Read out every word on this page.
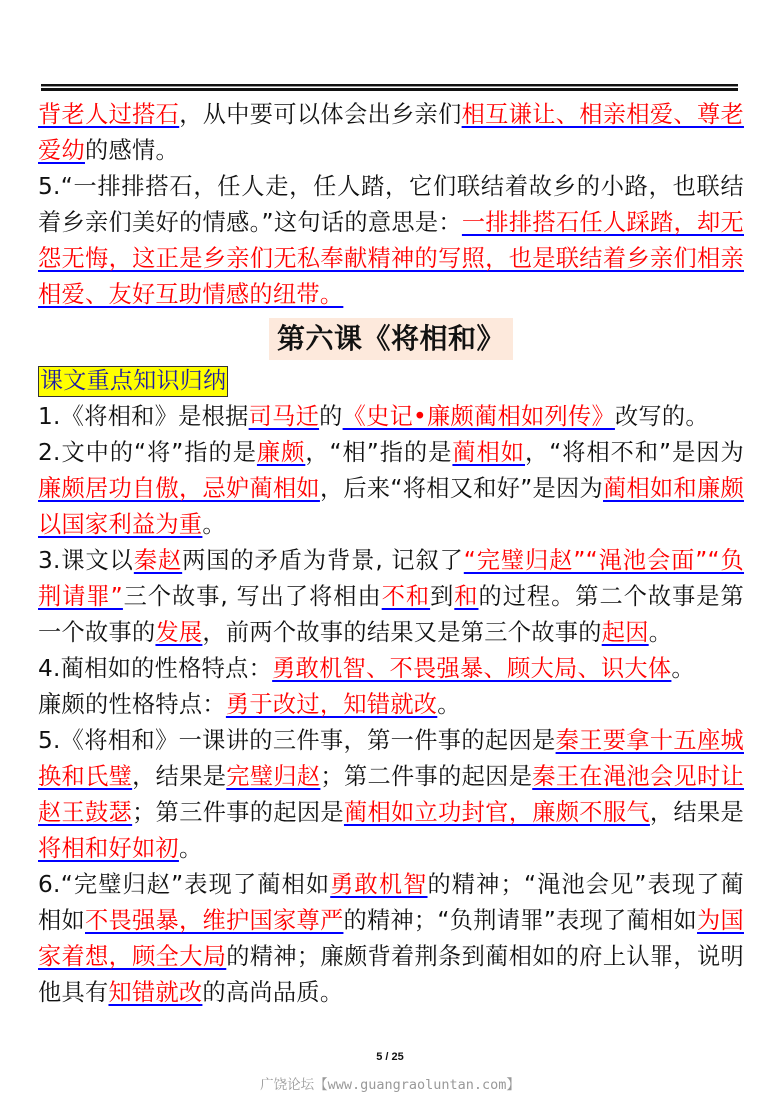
背老人过搭石，从中要可以体会出乡亲们相互谦让、相亲相爱、尊老爱幼的感情。

5.“一排排搭石，任人走，任人踏，它们联结着故乡的小路，也联结着乡亲们美好的情感。”这句话的意思是：一排排搭石任人踩踏，却无怨无悔，这正是乡亲们无私奉献精神的写照，也是联结着乡亲们相亲相爱、友好互助情感的纽带。

第六课《将相和》
课文重点知识归纳

1.《将相和》是根据司马迁的《史记•廉颇蔺相如列传》改写的。

2.文中的“将”指的是廉颇，“相”指的是蔺相如，“将相不和”是因为廉颇居功自傲，忌妒蔺相如，后来“将相又和好”是因为蔺相如和廉颇以国家利益为重。

3.课文以秦赵两国的矛盾为背景, 记叙了“完璧归赵”“渑池会面”“负荆请罪”三个故事, 写出了将相由不和到和的过程。第二个故事是第一个故事的发展，前两个故事的结果又是第三个故事的起因。

4.蔺相如的性格特点：勇敢机智、不畏强暴、顾大局、识大体。

廉颇的性格特点：勇于改过，知错就改。

5.《将相和》一课讲的三件事，第一件事的起因是秦王要拿十五座城换和氏璧，结果是完璧归赵；第二件事的起因是秦王在渑池会见时让赵王鼓瑟；第三件事的起因是蔺相如立功封官，廉颇不服气，结果是将相和好如初。

6.“完璧归赵”表现了蔺相如勇敢机智的精神；“渑池会见”表现了蔺相如不畏强暴，维护国家尊严的精神；“负荆请罪”表现了蔺相如为国家着想，顾全大局的精神；廉颇背着荆条到蔺相如的府上认罪，说明他具有知错就改的高尚品质。

5 / 25
广饶论坛【www.guangraoluntan.com】
